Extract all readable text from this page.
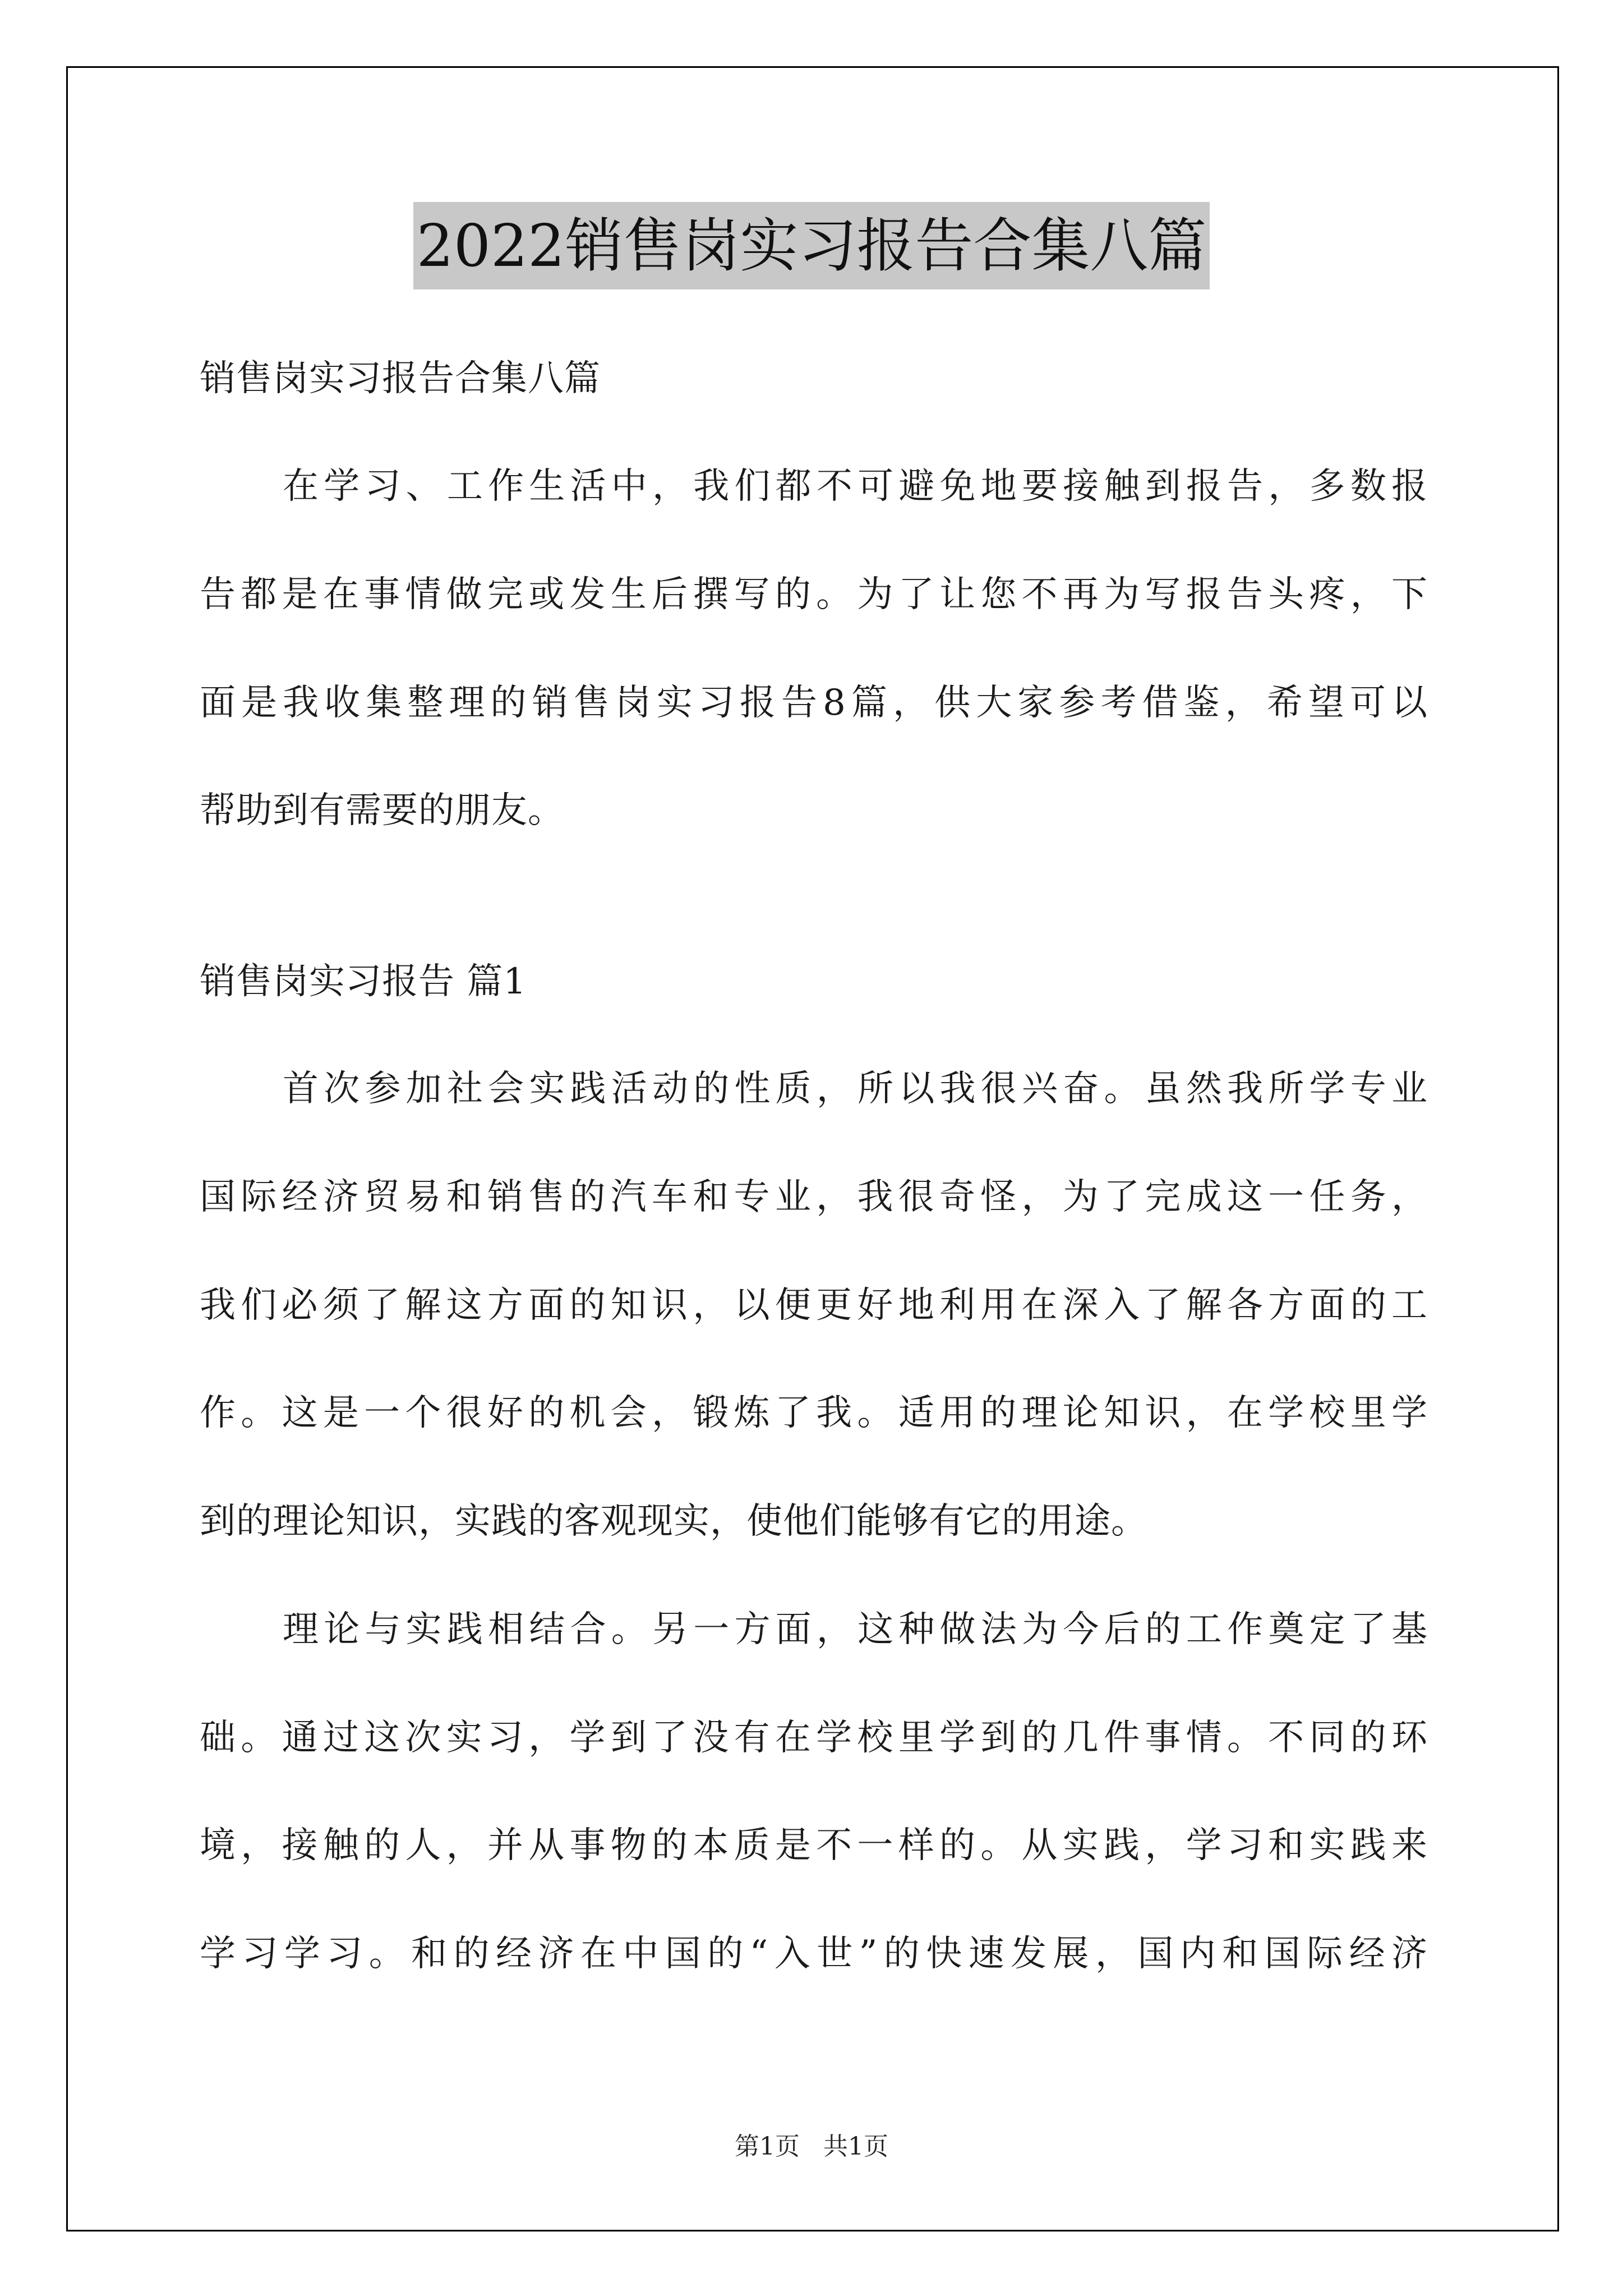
2022销售岗实习报告合集八篇
销售岗实习报告合集八篇
在学习、工作生活中，我们都不可避免地要接触到报告，多数报
告都是在事情做完或发生后撰写的。为了让您不再为写报告头疼，下
面是我收集整理的销售岗实习报告8篇，供大家参考借鉴，希望可以
帮助到有需要的朋友。
销售岗实习报告 篇1
首次参加社会实践活动的性质，所以我很兴奋。虽然我所学专业
国际经济贸易和销售的汽车和专业，我很奇怪，为了完成这一任务，
我们必须了解这方面的知识，以便更好地利用在深入了解各方面的工
作。这是一个很好的机会，锻炼了我。适用的理论知识，在学校里学
到的理论知识，实践的客观现实，使他们能够有它的用途。
理论与实践相结合。另一方面，这种做法为今后的工作奠定了基
础。通过这次实习，学到了没有在学校里学到的几件事情。不同的环
境，接触的人，并从事物的本质是不一样的。从实践，学习和实践来
学习学习。和的经济在中国的“入世”的快速发展，国内和国际经济
第1页   共1页
